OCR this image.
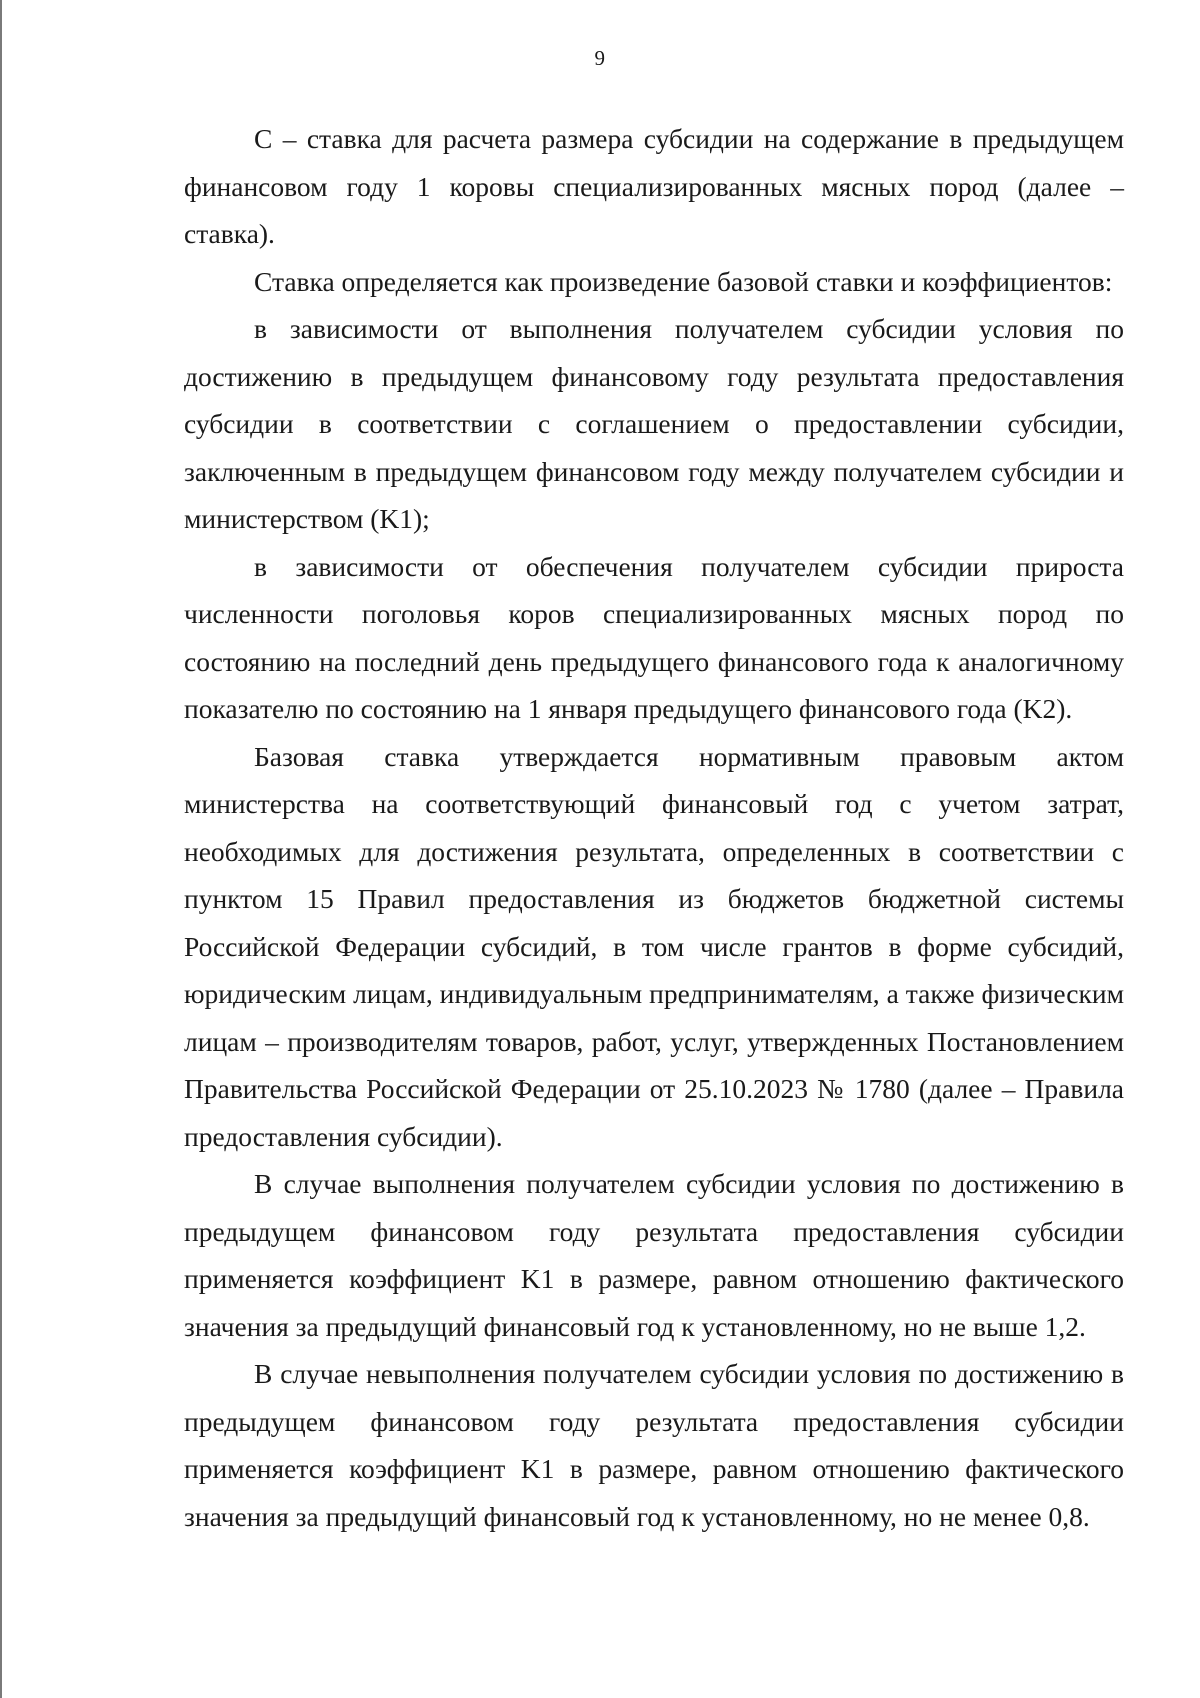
9

С – ставка для расчета размера субсидии на содержание в предыдущем финансовом году 1 коровы специализированных мясных пород (далее – ставка).

Ставка определяется как произведение базовой ставки и коэффициентов:

в зависимости от выполнения получателем субсидии условия по достижению в предыдущем финансовому году результата предоставления субсидии в соответствии с соглашением о предоставлении субсидии, заключенным в предыдущем финансовом году между получателем субсидии и министерством (K1);

в зависимости от обеспечения получателем субсидии прироста численности поголовья коров специализированных мясных пород по состоянию на последний день предыдущего финансового года к аналогичному показателю по состоянию на 1 января предыдущего финансового года (K2).

Базовая ставка утверждается нормативным правовым актом министерства на соответствующий финансовый год с учетом затрат, необходимых для достижения результата, определенных в соответствии с пунктом 15 Правил предоставления из бюджетов бюджетной системы Российской Федерации субсидий, в том числе грантов в форме субсидий, юридическим лицам, индивидуальным предпринимателям, а также физическим лицам – производителям товаров, работ, услуг, утвержденных Постановлением Правительства Российской Федерации от 25.10.2023 № 1780 (далее – Правила предоставления субсидии).

В случае выполнения получателем субсидии условия по достижению в предыдущем финансовом году результата предоставления субсидии применяется коэффициент K1 в размере, равном отношению фактического значения за предыдущий финансовый год к установленному, но не выше 1,2.

В случае невыполнения получателем субсидии условия по достижению в предыдущем финансовом году результата предоставления субсидии применяется коэффициент K1 в размере, равном отношению фактического значения за предыдущий финансовый год к установленному, но не менее 0,8.
